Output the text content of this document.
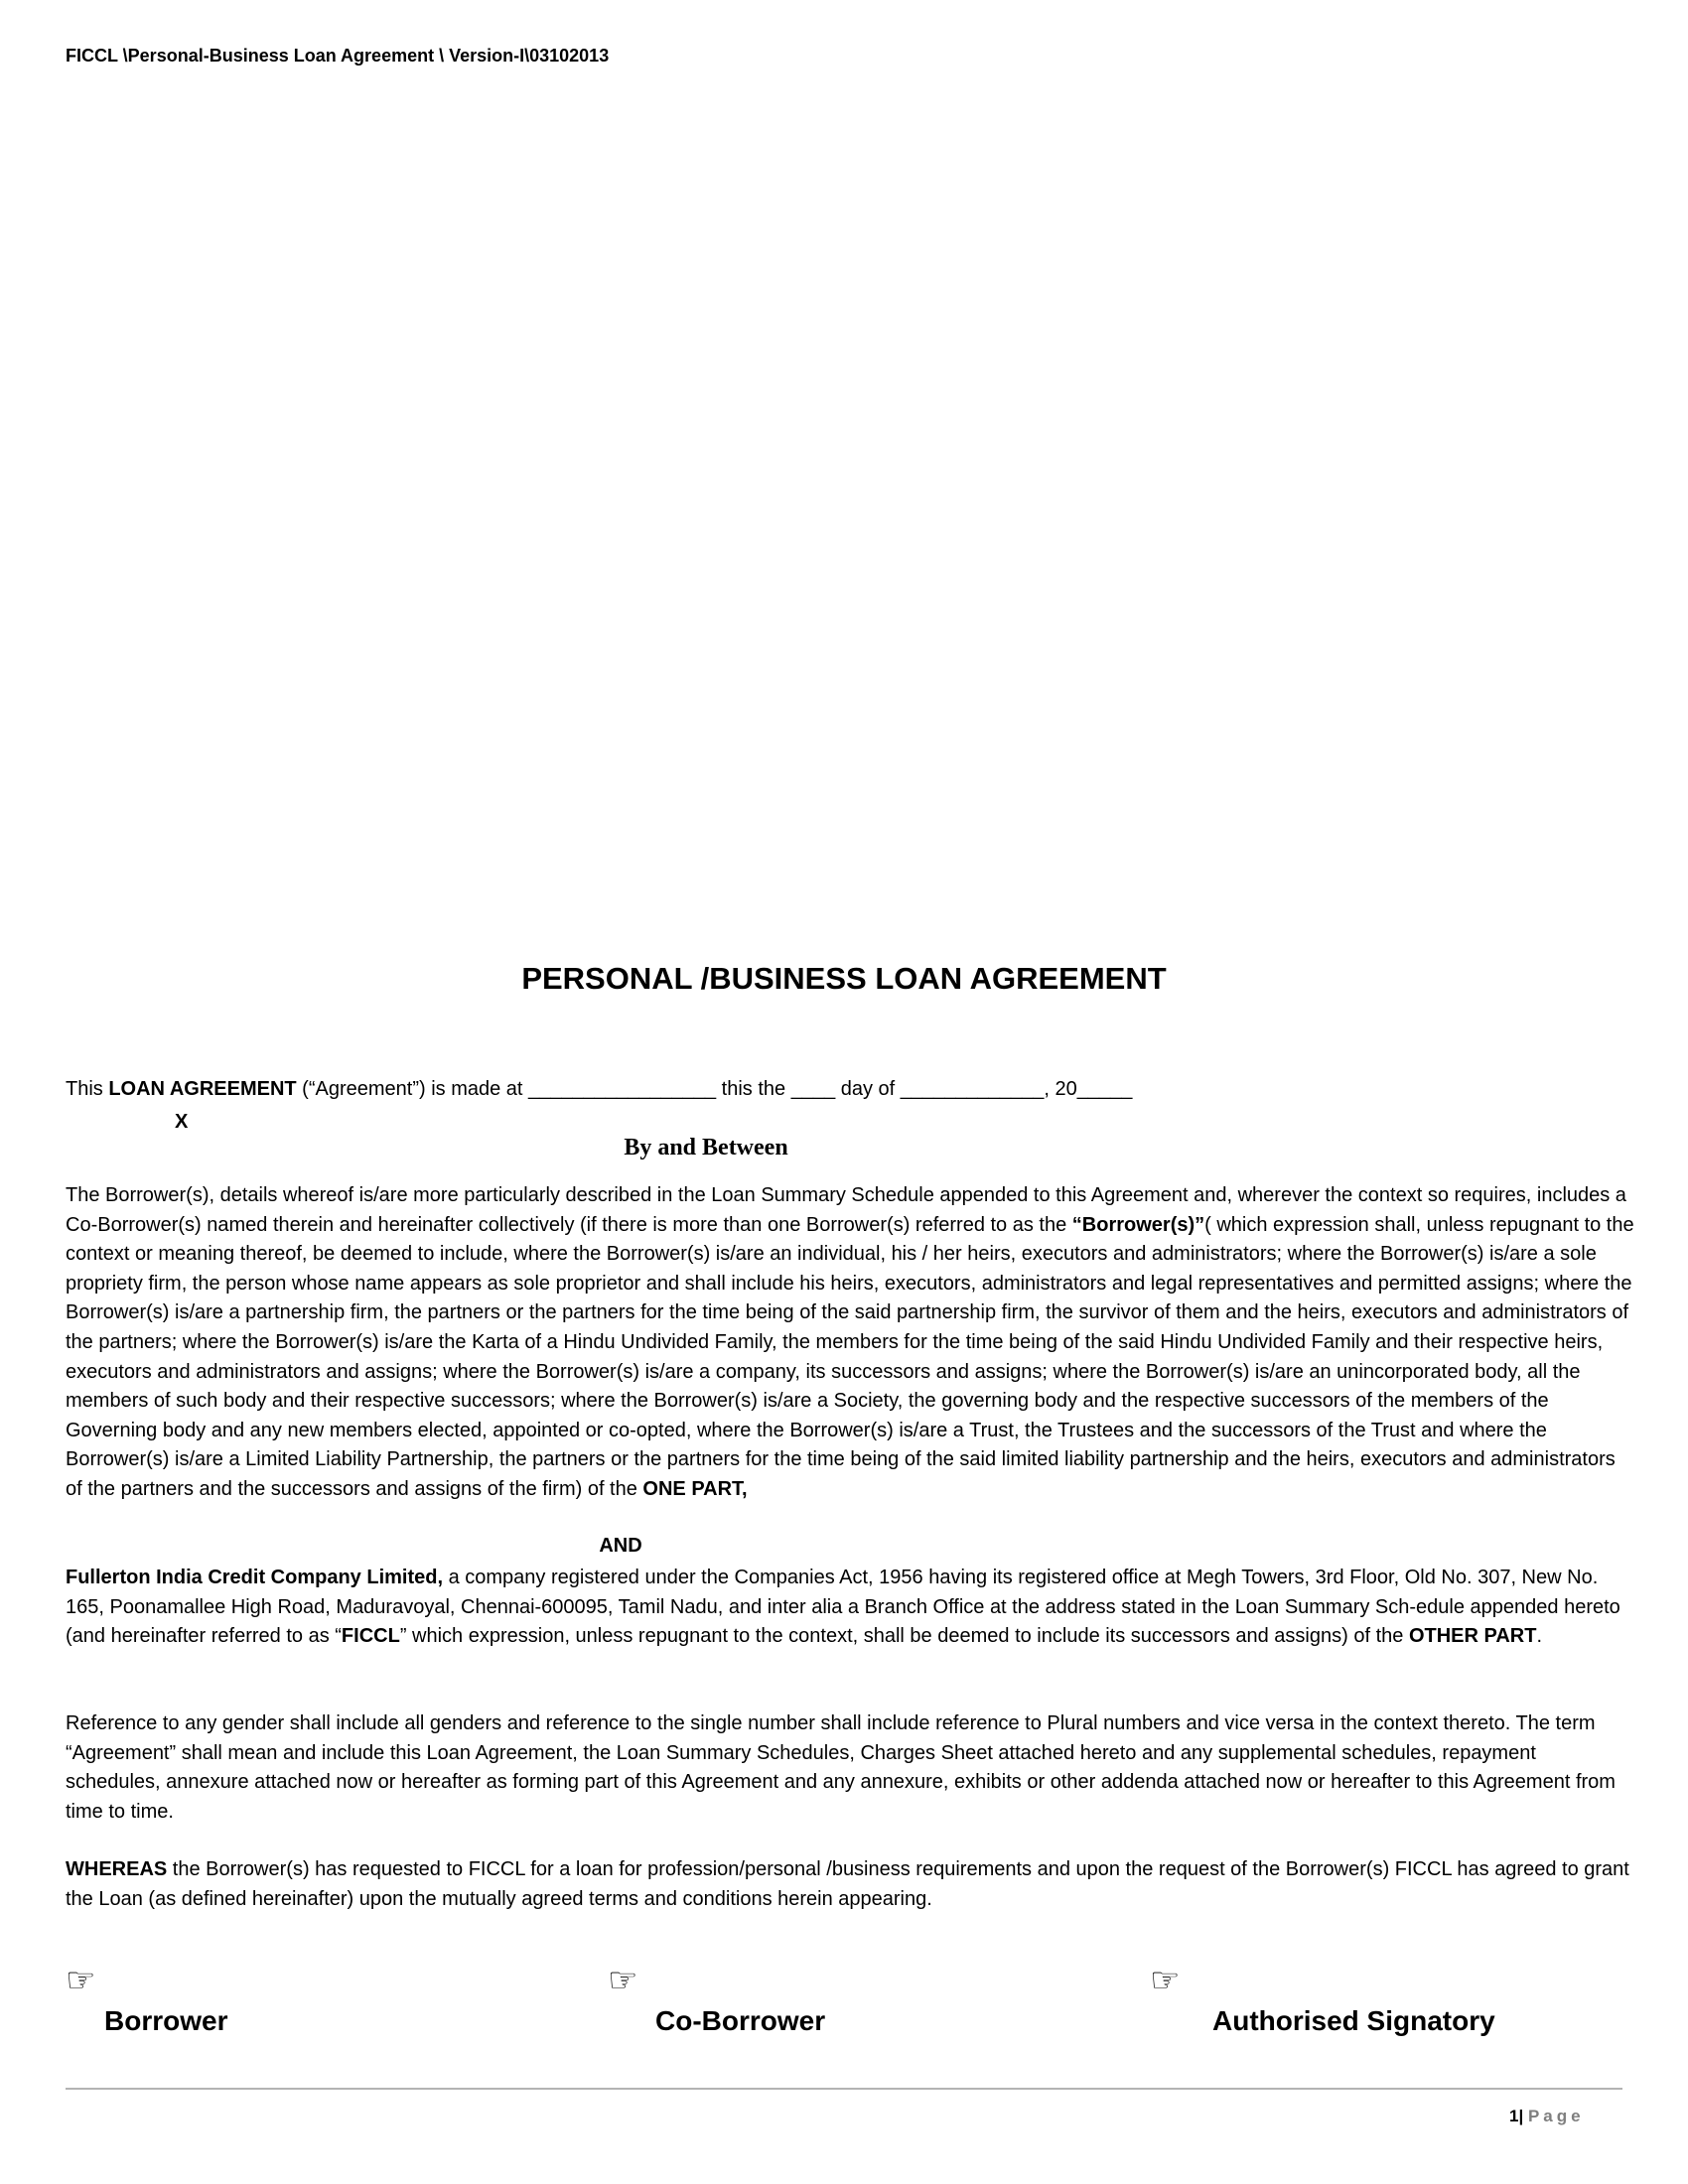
FICCL \Personal-Business Loan Agreement \ Version-I\03102013
PERSONAL /BUSINESS LOAN AGREEMENT
This LOAN AGREEMENT (“Agreement”) is made at _________________ this the ____ day of _____________, 20_____
X
By and Between
The Borrower(s), details whereof is/are more particularly described in the Loan Summary Schedule appended to this Agreement and, wherever the context so requires, includes a Co-Borrower(s) named therein and hereinafter collectively (if there is more than one Borrower(s) referred to as the “Borrower(s)”( which expression shall, unless repugnant to the context or meaning thereof, be deemed to include, where the Borrower(s) is/are an individual, his / her heirs, executors and administrators; where the Borrower(s) is/are a sole propriety firm, the person whose name appears as sole proprietor and shall include his heirs, executors, administrators and legal representatives and permitted assigns; where the Borrower(s) is/are a partnership firm, the partners or the partners for the time being of the said partnership firm, the survivor of them and the heirs, executors and administrators of the partners; where the Borrower(s) is/are the Karta of a Hindu Undivided Family, the members for the time being of the said Hindu Undivided Family and their respective heirs, executors and administrators and assigns; where the Borrower(s) is/are a company, its successors and assigns; where the Borrower(s) is/are an unincorporated body, all the members of such body and their respective successors; where the Borrower(s) is/are a Society, the governing body and the respective successors of the members of the Governing body and any new members elected, appointed or co-opted, where the Borrower(s) is/are a Trust, the Trustees and the successors of the Trust and where the Borrower(s) is/are a Limited Liability Partnership, the partners or the partners for the time being of the said limited liability partnership and the heirs, executors and administrators of the partners and the successors and assigns of the firm) of the ONE PART,
AND
Fullerton India Credit Company Limited, a company registered under the Companies Act, 1956 having its registered office at Megh Towers, 3rd Floor, Old No. 307, New No. 165, Poonamallee High Road, Maduravoyal, Chennai-600095, Tamil Nadu, and inter alia a Branch Office at the address stated in the Loan Summary Sch-edule appended hereto (and hereinafter referred to as “FICCL” which expression, unless repugnant to the context, shall be deemed to include its successors and assigns) of the OTHER PART.
Reference to any gender shall include all genders and reference to the single number shall include reference to Plural numbers and vice versa in the context thereto. The term “Agreement” shall mean and include this Loan Agreement, the Loan Summary Schedules, Charges Sheet attached hereto and any supplemental schedules, repayment schedules, annexure attached now or hereafter as forming part of this Agreement and any annexure, exhibits or other addenda attached now or hereafter to this Agreement from time to time.
WHEREAS the Borrower(s) has requested to FICCL for a loan for profession/personal /business requirements and upon the request of the Borrower(s) FICCL has agreed to grant the Loan (as defined hereinafter) upon the mutually agreed terms and conditions herein appearing.
☞	☞	☞
Borrower	Co-Borrower	Authorised Signatory
1| Page
